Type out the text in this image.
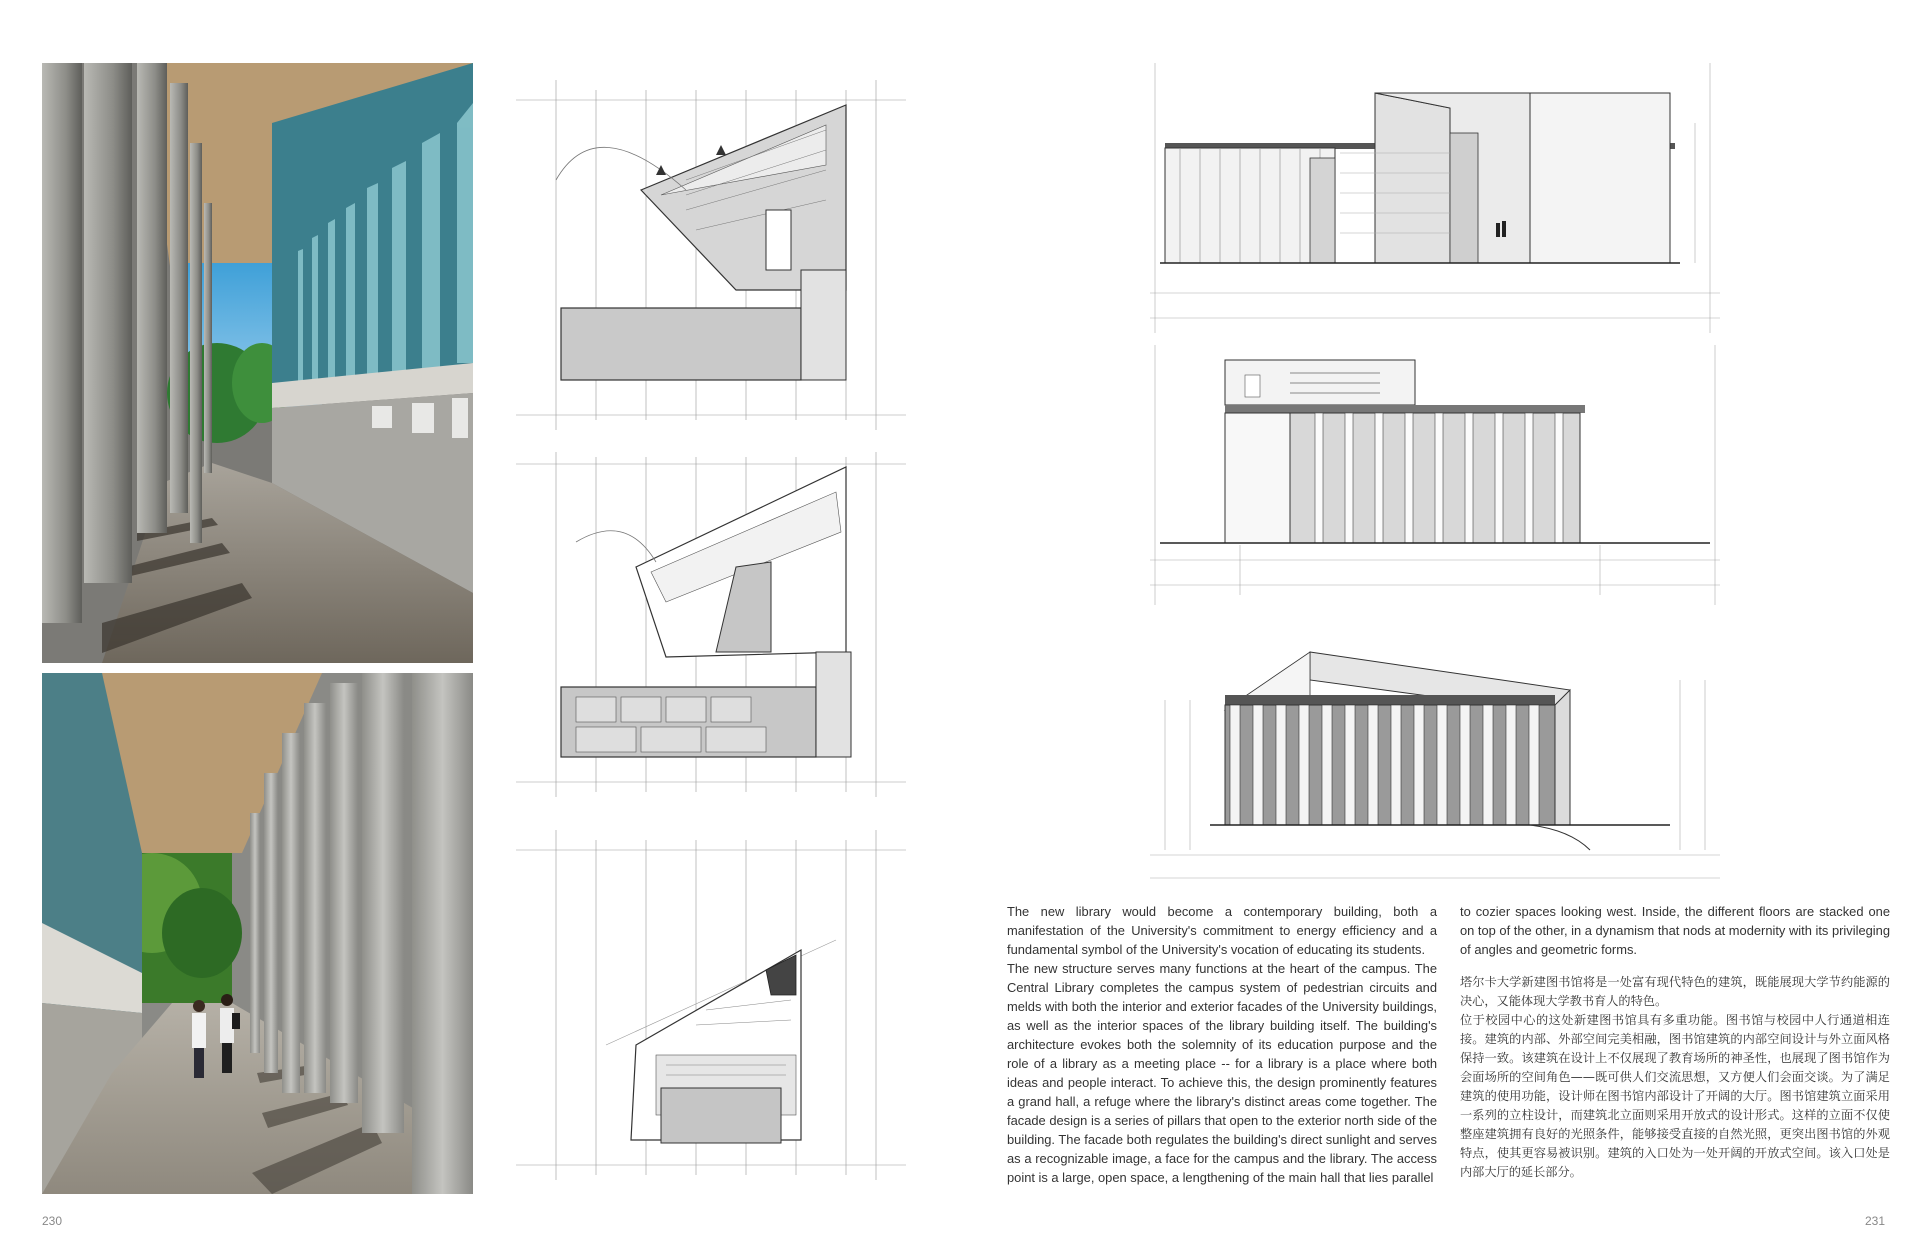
230

The new library would become a contemporary building, both a manifestation of the University's commitment to energy efficiency and a fundamental symbol of the University's vocation of educating its students.

The new structure serves many functions at the heart of the campus. The Central Library completes the campus system of pedestrian circuits and melds with both the interior and exterior facades of the University buildings, as well as the interior spaces of the library building itself. The building's architecture evokes both the solemnity of its education purpose and the role of a library as a meeting place -- for a library is a place where both ideas and people interact. To achieve this, the design prominently features a grand hall, a refuge where the library's distinct areas come together. The facade design is a series of pillars that open to the exterior north side of the building. The facade both regulates the building's direct sunlight and serves as a recognizable image, a face for the campus and the library. The access point is a large, open space, a lengthening of the main hall that lies parallel

to cozier spaces looking west. Inside, the different floors are stacked one on top of the other, in a dynamism that nods at modernity with its privileging of angles and geometric forms.

塔尔卡大学新建图书馆将是一处富有现代特色的建筑，既能展现大学节约能源的决心，又能体现大学教书育人的特色。

位于校园中心的这处新建图书馆具有多重功能。图书馆与校园中人行通道相连接。建筑的内部、外部空间完美相融，图书馆建筑的内部空间设计与外立面风格保持一致。该建筑在设计上不仅展现了教育场所的神圣性，也展现了图书馆作为会面场所的空间角色——既可供人们交流思想，又方便人们会面交谈。为了满足建筑的使用功能，设计师在图书馆内部设计了开阔的大厅。图书馆建筑立面采用一系列的立柱设计，而建筑北立面则采用开放式的设计形式。这样的立面不仅使整座建筑拥有良好的光照条件，能够接受直接的自然光照，更突出图书馆的外观特点，使其更容易被识别。建筑的入口处为一处开阔的开放式空间。该入口处是内部大厅的延长部分。

231
